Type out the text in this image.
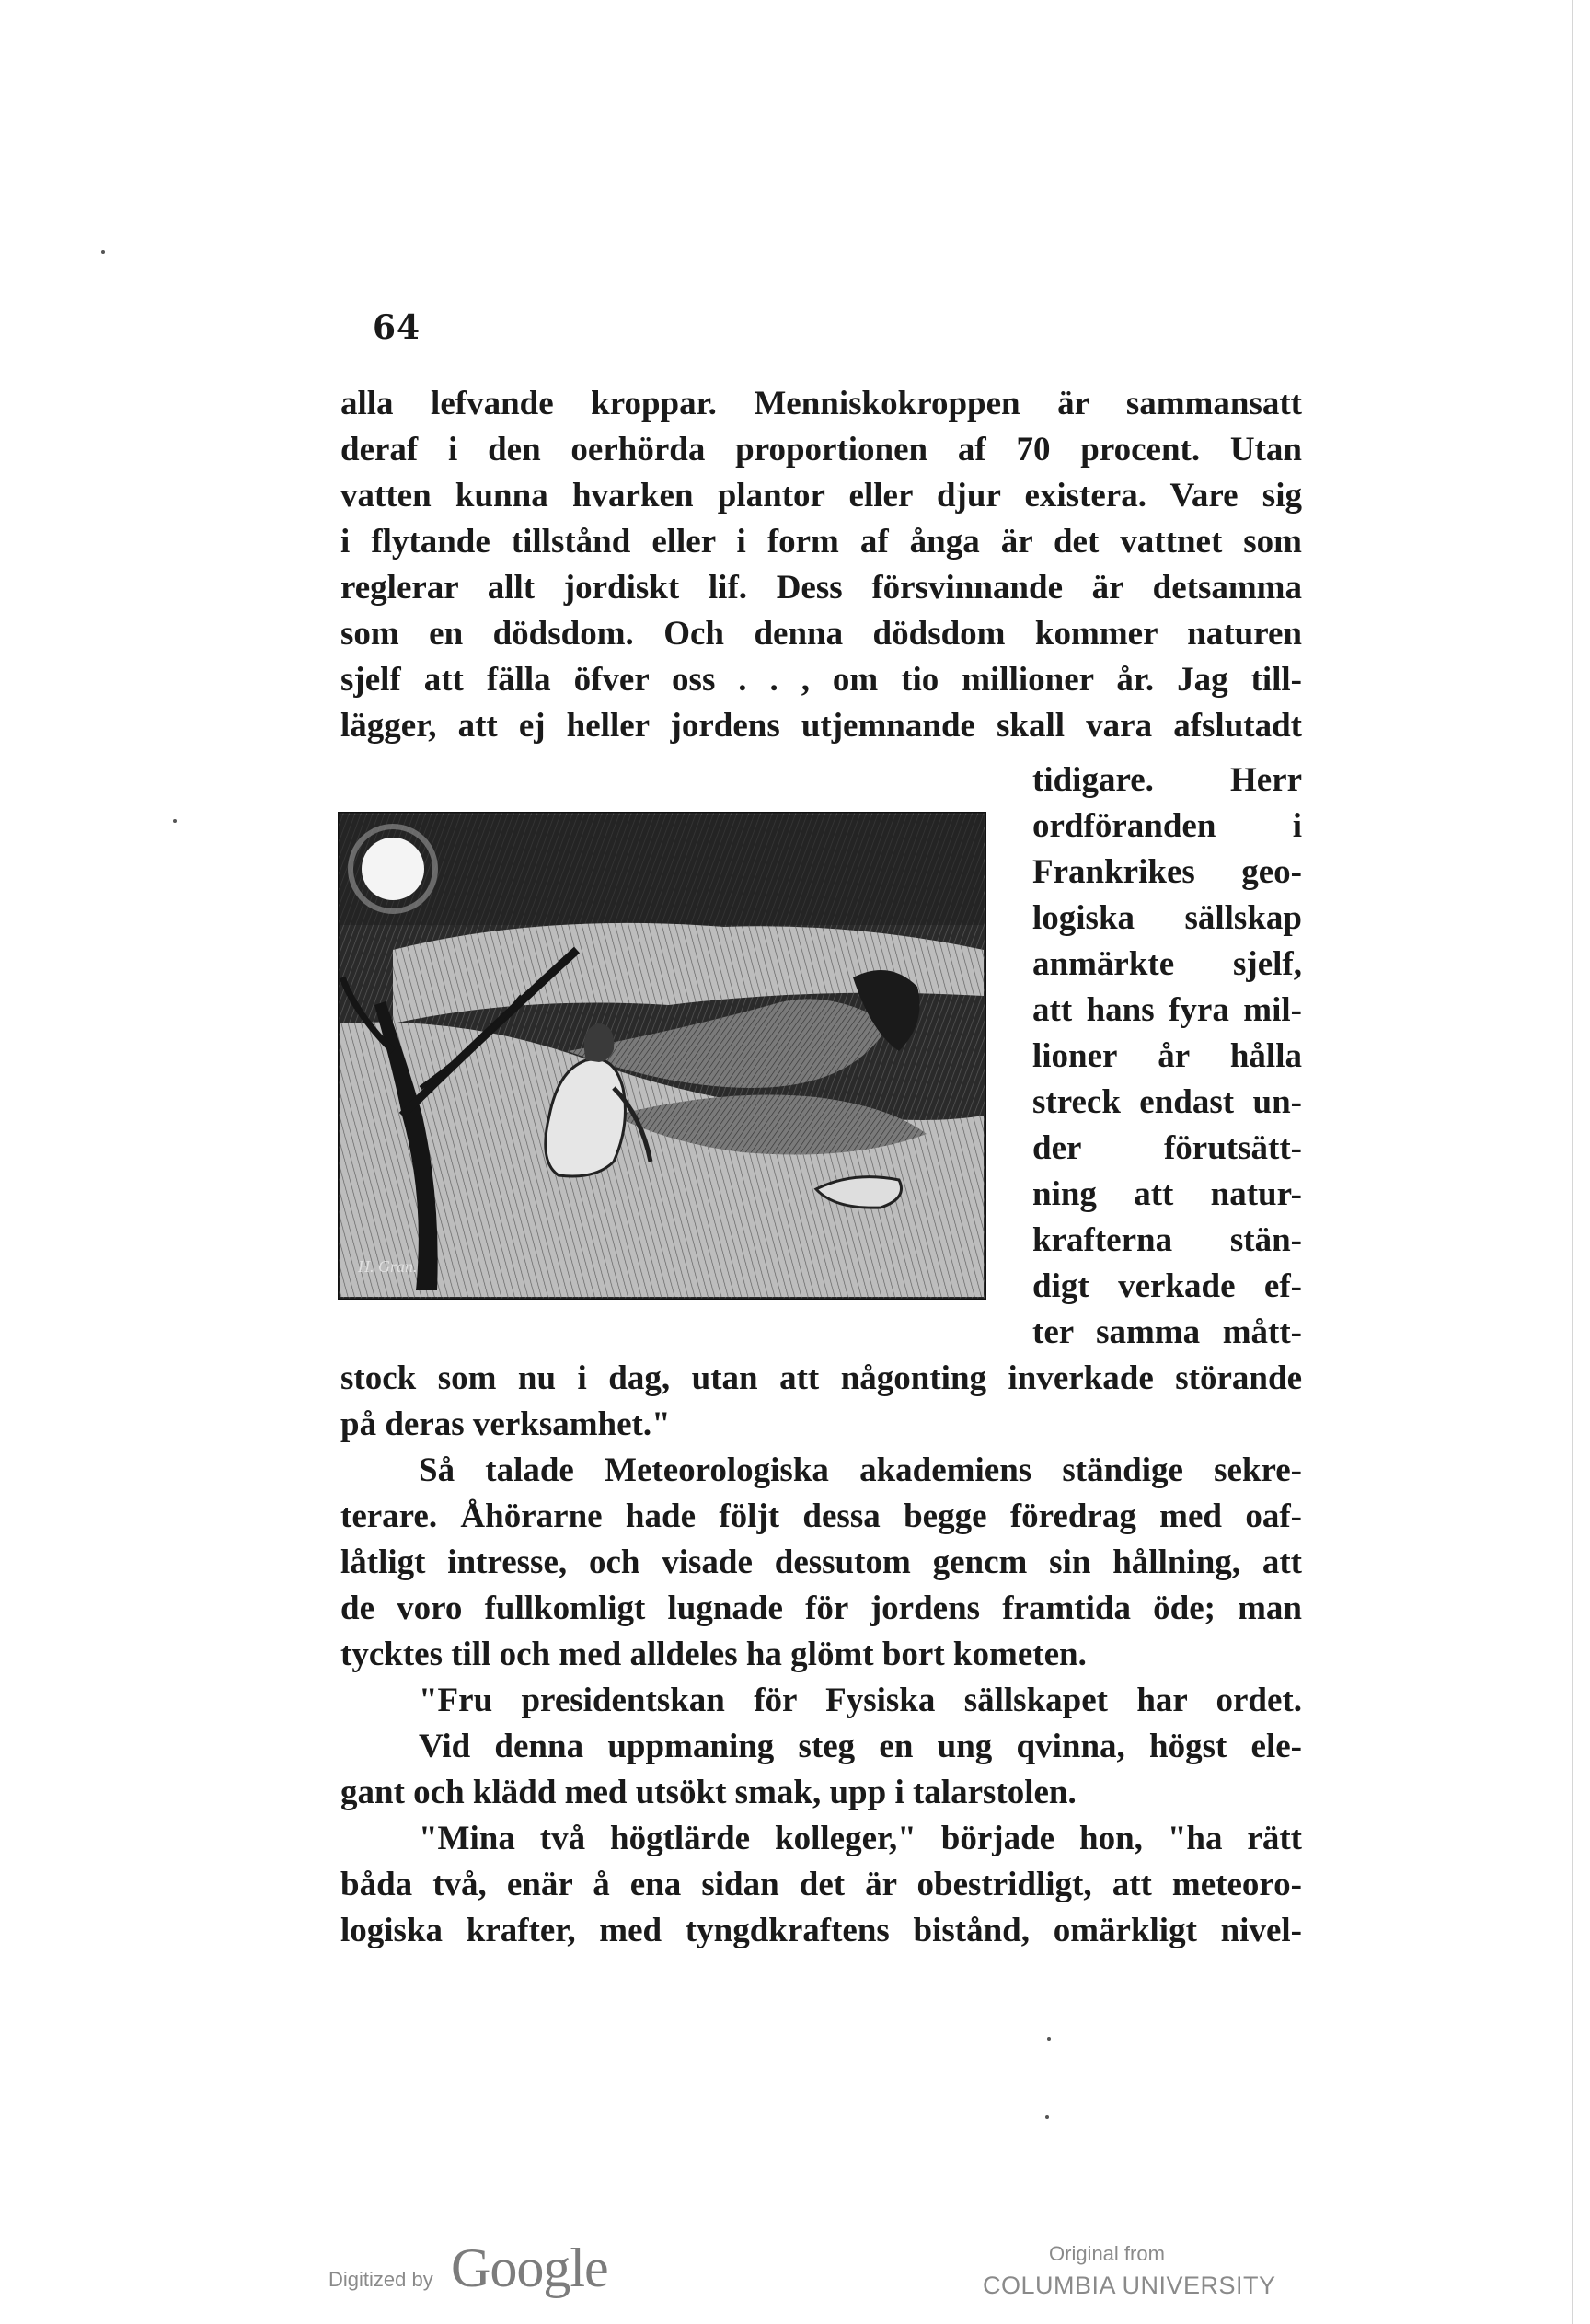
64
alla lefvande kroppar. Menniskokroppen är sammansatt
deraf i den oerhörda proportionen af 70 procent. Utan
vatten kunna hvarken plantor eller djur existera. Vare sig
i flytande tillstånd eller i form af ånga är det vattnet som
reglerar allt jordiskt lif. Dess försvinnande är detsamma
som en dödsdom. Och denna dödsdom kommer naturen
sjelf att fälla öfver oss . . , om tio millioner år. Jag till-
lägger, att ej heller jordens utjemnande skall vara afslutadt
H. Gran.
tidigare. Herr
ordföranden i
Frankrikes geo-
logiska sällskap
anmärkte sjelf,
att hans fyra mil-
lioner år hålla
streck endast un-
der förutsätt-
ning att natur-
krafterna stän-
digt verkade ef-
ter samma mått-
stock som nu i dag, utan att någonting inverkade störande
på deras verksamhet."
Så talade Meteorologiska akademiens ständige sekre-
terare. Åhörarne hade följt dessa begge föredrag med oaf-
låtligt intresse, och visade dessutom gencm sin hållning, att
de voro fullkomligt lugnade för jordens framtida öde; man
tycktes till och med alldeles ha glömt bort kometen.
"Fru presidentskan för Fysiska sällskapet har ordet.
Vid denna uppmaning steg en ung qvinna, högst ele-
gant och klädd med utsökt smak, upp i talarstolen.
"Mina två högtlärde kolleger," började hon, "ha rätt
båda två, enär å ena sidan det är obestridligt, att meteoro-
logiska krafter, med tyngdkraftens bistånd, omärkligt nivel-
Digitized by Google	Original from
COLUMBIA UNIVERSITY
